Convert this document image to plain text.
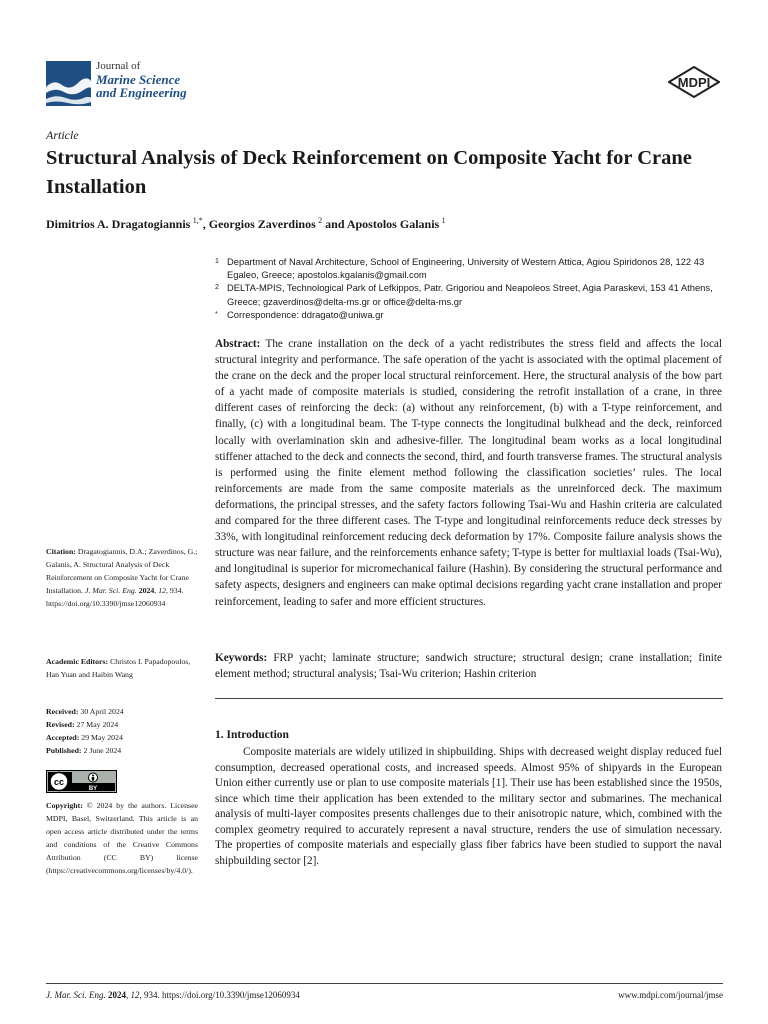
Journal of
Marine Science
and Engineering
MDPI
Article
Structural Analysis of Deck Reinforcement on Composite Yacht for Crane Installation
Dimitrios A. Dragatogiannis  $^{1,*}$, Georgios Zaverdinos  $^2$ and Apostolos Galanis  $^1$
1 Department of Naval Architecture, School of Engineering, University of Western Attica, Agiou Spiridonos 28, 122 43 Egaleo, Greece; apostolos.kgalanis@gmail.com
2 DELTA-MPIS, Technological Park of Lefkippos, Patr. Grigoriou and Neapoleos Street, Agia Paraskevi, 153 41 Athens, Greece; gzaverdinos@delta-ms.gr or office@delta-ms.gr
* Correspondence: ddragato@uniwa.gr
Abstract: The crane installation on the deck of a yacht redistributes the stress field and affects the local structural integrity and performance. The safe operation of the yacht is associated with the optimal placement of the crane on the deck and the proper local structural reinforcement. Here, the structural analysis of the bow part of a yacht made of composite materials is studied, considering the retrofit installation of a crane, in three different cases of reinforcing the deck: (a) without any reinforcement, (b) with a T-type reinforcement, and finally, (c) with a longitudinal beam. The T-type connects the longitudinal bulkhead and the deck, reinforced locally with overlamination skin and adhesive-filler. The longitudinal beam works as a local longitudinal stiffener attached to the deck and connects the second, third, and fourth transverse frames. The structural analysis is performed using the finite element method following the classification societies’ rules. The local reinforcements are made from the same composite materials as the unreinforced deck. The maximum deformations, the principal stresses, and the safety factors following Tsai-Wu and Hashin criteria are calculated and compared for the three different cases. The T-type and longitudinal reinforcements reduce deck stresses by 33%, with longitudinal reinforcement reducing deck deformation by 17%. Composite failure analysis shows the structure was near failure, and the reinforcements enhance safety; T-type is better for multiaxial loads (Tsai-Wu), and longitudinal is superior for micromechanical failure (Hashin). By considering the structural performance and safety aspects, designers and engineers can make optimal decisions regarding yacht crane installation and proper reinforcement, leading to safer and more efficient structures.
Keywords: FRP yacht; laminate structure; sandwich structure; structural design; crane installation; finite element method; structural analysis; Tsai-Wu criterion; Hashin criterion
1. Introduction

Composite materials are widely utilized in shipbuilding. Ships with decreased weight display reduced fuel consumption, decreased operational costs, and increased speeds. Almost 95% of shipyards in the European Union either currently use or plan to use composite materials [1]. Their use has been established since the 1950s, since which time their application has been extended to the military sector and submarines. The mechanical analysis of multi-layer composites presents challenges due to their anisotropic nature, which, combined with the complex geometry required to accurately represent a naval structure, renders the use of simulation necessary. The properties of composite materials and especially glass fiber fabrics have been studied to support the naval shipbuilding sector [2].

Citation: Dragatogiannis, D.A.; Zaverdinos, G.; Galanis, A. Structural Analysis of Deck Reinforcement on Composite Yacht for Crane Installation. J. Mar. Sci. Eng. 2024, 12, 934. https://doi.org/10.3390/jmse12060934
Academic Editors: Christos I. Papadopoulos, Han Yuan and Haibin Wang
Received: 30 April 2024
Revised: 27 May 2024
Accepted: 29 May 2024
Published: 2 June 2024
cc
BY
Copyright: © 2024 by the authors. Licensee MDPI, Basel, Switzerland. This article is an open access article distributed under the terms and conditions of the Creative Commons Attribution (CC BY) license (https://creativecommons.org/licenses/by/4.0/).
J. Mar. Sci. Eng. 2024, 12, 934. https://doi.org/10.3390/jmse12060934	www.mdpi.com/journal/jmse
